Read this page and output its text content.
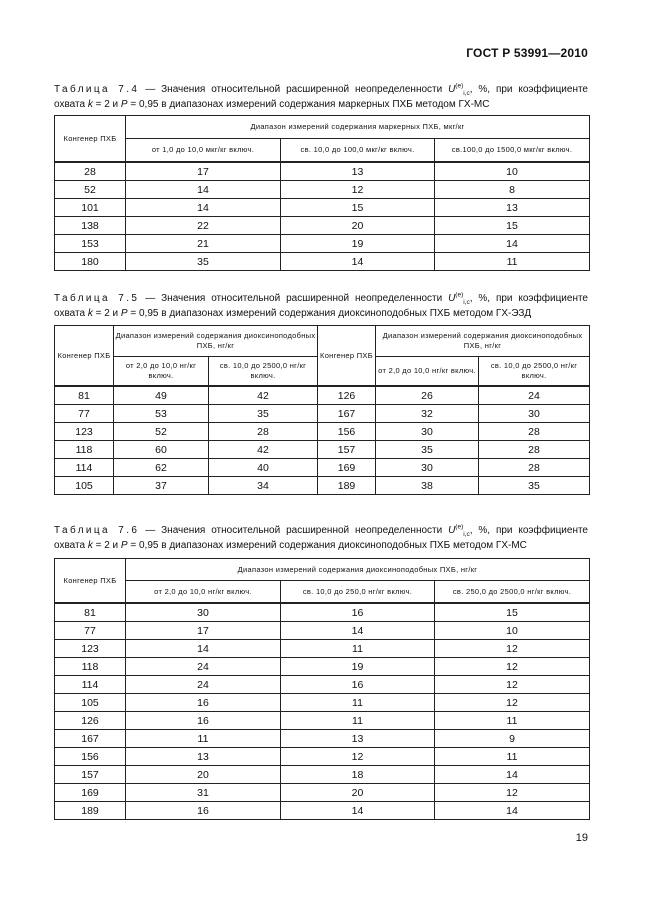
ГОСТ Р 53991—2010
Таблица 7.4 — Значения относительной расширенной неопределенности $U^{(e)}_{i,c}$, %, при коэффициенте охвата k = 2 и P = 0,95 в диапазонах измерений содержания маркерных ПХБ методом ГХ-МС
Конгенер ПХБ	Диапазон измерений содержания маркерных ПХБ, мкг/кг		
	от 1,0 до 10,0 мкг/кг включ.	св. 10,0 до 100,0 мкг/кг включ.	св.100,0 до 1500,0 мкг/кг включ.
28	17	13	10
52	14	12	8
101	14	15	13
138	22	20	15
153	21	19	14
180	35	14	11
Таблица 7.5 — Значения относительной расширенной неопределенности $U^{(e)}_{i,c}$, %, при коэффициенте охвата k = 2 и P = 0,95 в диапазонах измерений содержания диоксиноподобных ПХБ методом ГХ-ЭЗД
Конгенер ПХБ	Диапазон измерений содержания диоксиноподобных ПХБ, нг/кг		Конгенер ПХБ	Диапазон измерений содержания диоксиноподобных ПХБ, нг/кг	
	от 2,0 до 10,0 нг/кг включ.	св. 10,0 до 2500,0 нг/кг включ.		от 2,0 до 10,0 нг/кг включ.	св. 10,0 до 2500,0 нг/кг включ.
81	49	42	126	26	24
77	53	35	167	32	30
123	52	28	156	30	28
118	60	42	157	35	28
114	62	40	169	30	28
105	37	34	189	38	35
Таблица 7.6 — Значения относительной расширенной неопределенности $U^{(e)}_{i,c}$, %, при коэффициенте охвата k = 2 и P = 0,95 в диапазонах измерений содержания диоксиноподобных ПХБ методом ГХ-МС
Конгенер ПХБ	Диапазон измерений содержания диоксиноподобных ПХБ, нг/кг		
	от 2,0 до 10,0 нг/кг включ.	св. 10,0 до 250,0 нг/кг включ.	св. 250,0 до 2500,0 нг/кг включ.
81	30	16	15
77	17	14	10
123	14	11	12
118	24	19	12
114	24	16	12
105	16	11	12
126	16	11	11
167	11	13	9
156	13	12	11
157	20	18	14
169	31	20	12
189	16	14	14
19
